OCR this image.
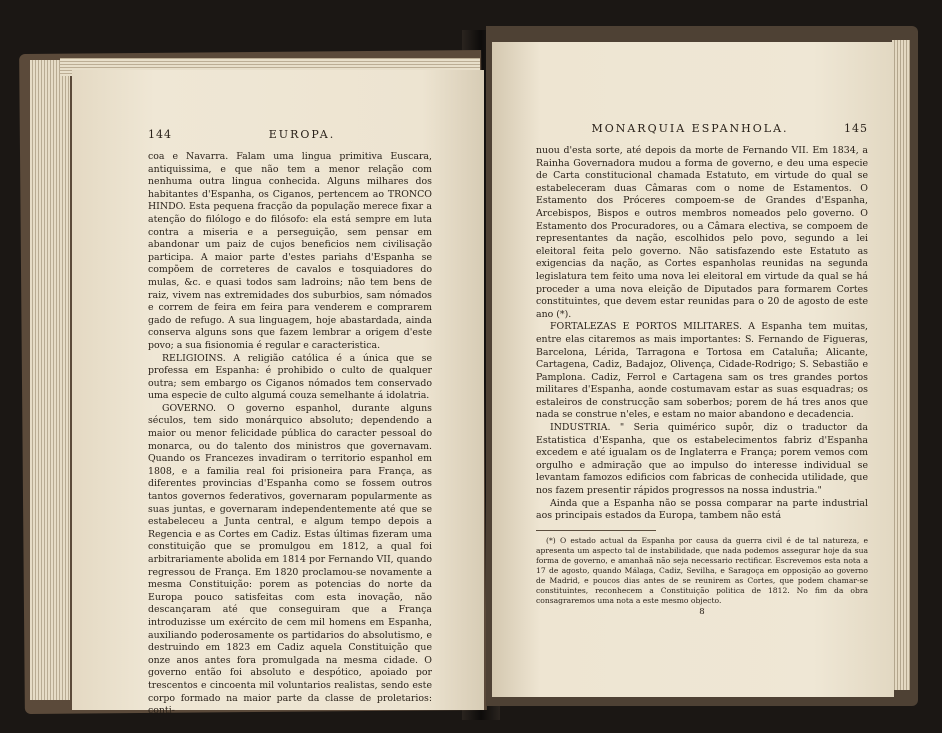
144	EUROPA.

coa e Navarra. Falam uma lingua primitiva Euscara, antiquissima, e que não tem a menor relação com nenhuma outra lingua conhecida. Alguns milhares dos habitantes d'Espanha, os Ciganos, pertencem ao TRONCO HINDO. Esta pequena fracção da população merece fixar a atenção do filólogo e do filósofo: ela está sempre em luta contra a miseria e a perseguição, sem pensar em abandonar um paiz de cujos beneficios nem civilisação participa. A maior parte d'estes pariahs d'Espanha se compõem de correteres de cavalos e tosquiadores do mulas, &c. e quasi todos sam ladroins; não tem bens de raiz, vivem nas extremidades dos suburbios, sam nómados e correm de feira em feira para venderem e comprarem gado de refugo. A sua linguagem, hoje abastardada, ainda conserva alguns sons que fazem lembrar a origem d'este povo; a sua fisionomia é regular e caracteristica.

RELIGIOINS. A religião católica é a única que se professa em Espanha: é prohibido o culto de qualquer outra; sem embargo os Ciganos nómados tem conservado uma especie de culto algumá couza semelhante á idolatria.

GOVERNO. O governo espanhol, durante alguns séculos, tem sido monárquico absoluto; dependendo a maior ou menor felicidade pública do caracter pessoal do monarca, ou do talento dos ministros que governavam. Quando os Francezes invadiram o territorio espanhol em 1808, e a familia real foi prisioneira para França, as diferentes provincias d'Espanha como se fossem outros tantos governos federativos, governaram popularmente as suas juntas, e governaram independentemente até que se estabeleceu a Junta central, e algum tempo depois a Regencia e as Cortes em Cadiz. Estas últimas fizeram uma constituição que se promulgou em 1812, a qual foi arbitrariamente abolida em 1814 por Fernando VII, quando regressou de França. Em 1820 proclamou-se novamente a mesma Constituição: porem as potencias do norte da Europa pouco satisfeitas com esta inovação, não descançaram até que conseguiram que a França introduzisse um exército de cem mil homens em Espanha, auxiliando poderosamente os partidarios do absolutismo, e destruindo em 1823 em Cadiz aquela Constituição que onze anos antes fora promulgada na mesma cidade. O governo então foi absoluto e despótico, apoiado por trescentos e cincoenta mil voluntarios realistas, sendo este corpo formado na maior parte da classe de proletarios: conti-

MONARQUIA ESPANHOLA.	145

nuou d'esta sorte, até depois da morte de Fernando VII. Em 1834, a Rainha Governadora mudou a forma de governo, e deu uma especie de Carta constitucional chamada Estatuto, em virtude do qual se estabeleceram duas Câmaras com o nome de Estamentos. O Estamento dos Próceres compoem-se de Grandes d'Espanha, Arcebispos, Bispos e outros membros nomeados pelo governo. O Estamento dos Procuradores, ou a Câmara electiva, se compoem de representantes da nação, escolhidos pelo povo, segundo a lei eleitoral feita pelo governo. Não satisfazendo este Estatuto as exigencias da nação, as Cortes espanholas reunidas na segunda legislatura tem feito uma nova lei eleitoral em virtude da qual se há proceder a uma nova eleição de Diputados para formarem Cortes constituintes, que devem estar reunidas para o 20 de agosto de este ano (*).

FORTALEZAS E PORTOS MILITARES. A Espanha tem muitas, entre elas citaremos as mais importantes: S. Fernando de Figueras, Barcelona, Lérida, Tarragona e Tortosa em Cataluña; Alicante, Cartagena, Cadiz, Badajoz, Olivença, Cidade-Rodrigo; S. Sebastião e Pamplona. Cadiz, Ferrol e Cartagena sam os tres grandes portos militares d'Espanha, aonde costumavam estar as suas esquadras; os estaleiros de construcção sam soberbos; porem de há tres anos que nada se construe n'eles, e estam no maior abandono e decadencia.

INDUSTRIA. " Seria quimérico supôr, diz o traductor da Estatistica d'Espanha, que os estabelecimentos fabriz d'Espanha excedem e até igualam os de Inglaterra e França; porem vemos com orgulho e admiração que ao impulso do interesse individual se levantam famozos edificios com fabricas de conhecida utilidade, que nos fazem presentir rápidos progressos na nossa industria."

Ainda que a Espanha não se possa comparar na parte industrial aos principais estados da Europa, tambem não está

(*) O estado actual da Espanha por causa da guerra civil é de tal natureza, e apresenta um aspecto tal de instabilidade, que nada podemos assegurar hoje da sua forma de governo, e amanhaã não seja necessario rectificar. Escrevemos esta nota a 17 de agosto, quando Málaga, Cadiz, Sevilha, e Saragoça em opposição ao governo de Madrid, e poucos dias antes de se reunirem as Cortes, que podem chamar-se constituintes, reconhecem a Constituição politica de 1812. No fim da obra consagraremos uma nota a este mesmo objecto.

8
